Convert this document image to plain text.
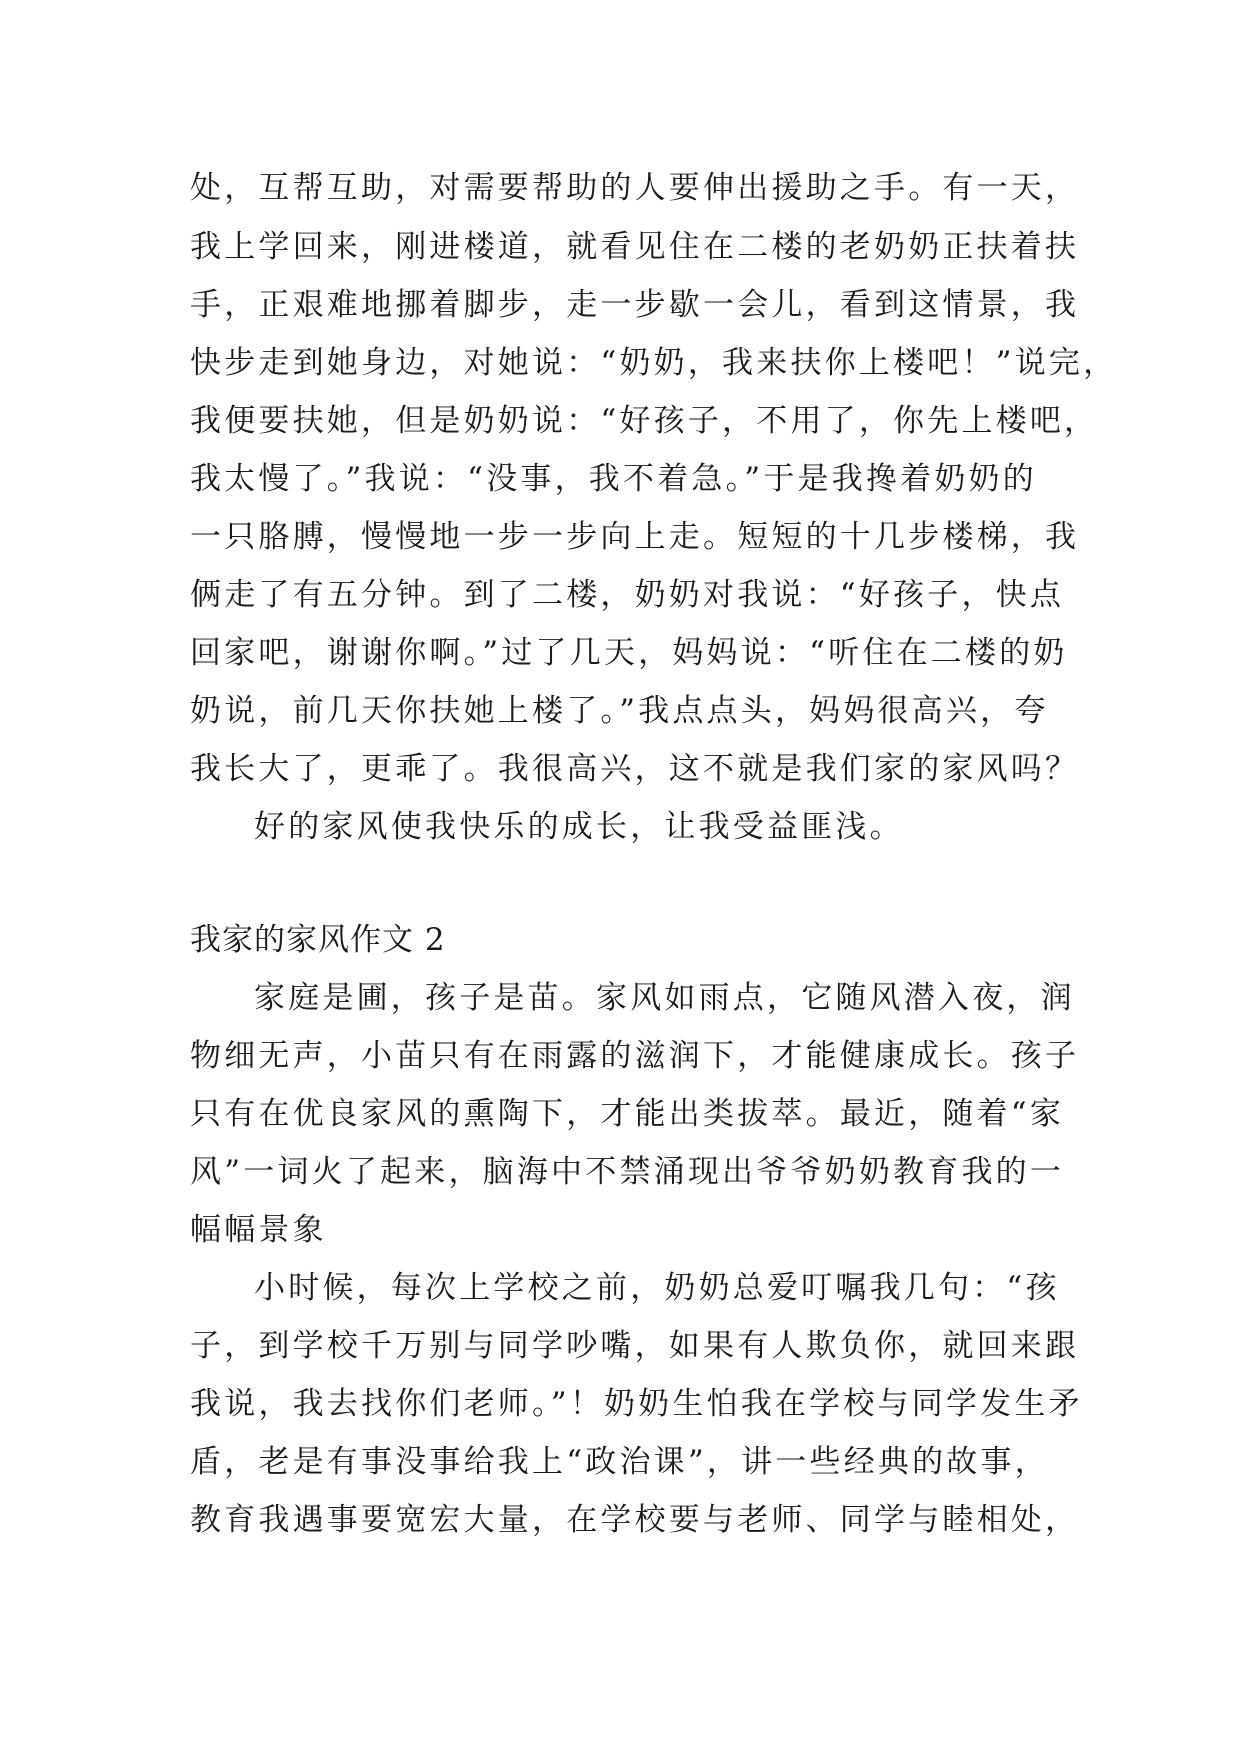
处，互帮互助，对需要帮助的人要伸出援助之手。有一天，
我上学回来，刚进楼道，就看见住在二楼的老奶奶正扶着扶
手，正艰难地挪着脚步，走一步歇一会儿，看到这情景，我
快步走到她身边，对她说：“奶奶，我来扶你上楼吧！”说完，
我便要扶她，但是奶奶说：“好孩子，不用了，你先上楼吧，
我太慢了。”我说：“没事，我不着急。”于是我搀着奶奶的
一只胳膊，慢慢地一步一步向上走。短短的十几步楼梯，我
俩走了有五分钟。到了二楼，奶奶对我说：“好孩子，快点
回家吧，谢谢你啊。”过了几天，妈妈说：“听住在二楼的奶
奶说，前几天你扶她上楼了。”我点点头，妈妈很高兴，夸
我长大了，更乖了。我很高兴，这不就是我们家的家风吗？
好的家风使我快乐的成长，让我受益匪浅。
我家的家风作文 2
家庭是圃，孩子是苗。家风如雨点，它随风潜入夜，润
物细无声，小苗只有在雨露的滋润下，才能健康成长。孩子
只有在优良家风的熏陶下，才能出类拔萃。最近，随着“家
风”一词火了起来，脑海中不禁涌现出爷爷奶奶教育我的一
幅幅景象
小时候，每次上学校之前，奶奶总爱叮嘱我几句：“孩
子，到学校千万别与同学吵嘴，如果有人欺负你，就回来跟
我说，我去找你们老师。”！奶奶生怕我在学校与同学发生矛
盾，老是有事没事给我上“政治课”，讲一些经典的故事，
教育我遇事要宽宏大量，在学校要与老师、同学与睦相处，
